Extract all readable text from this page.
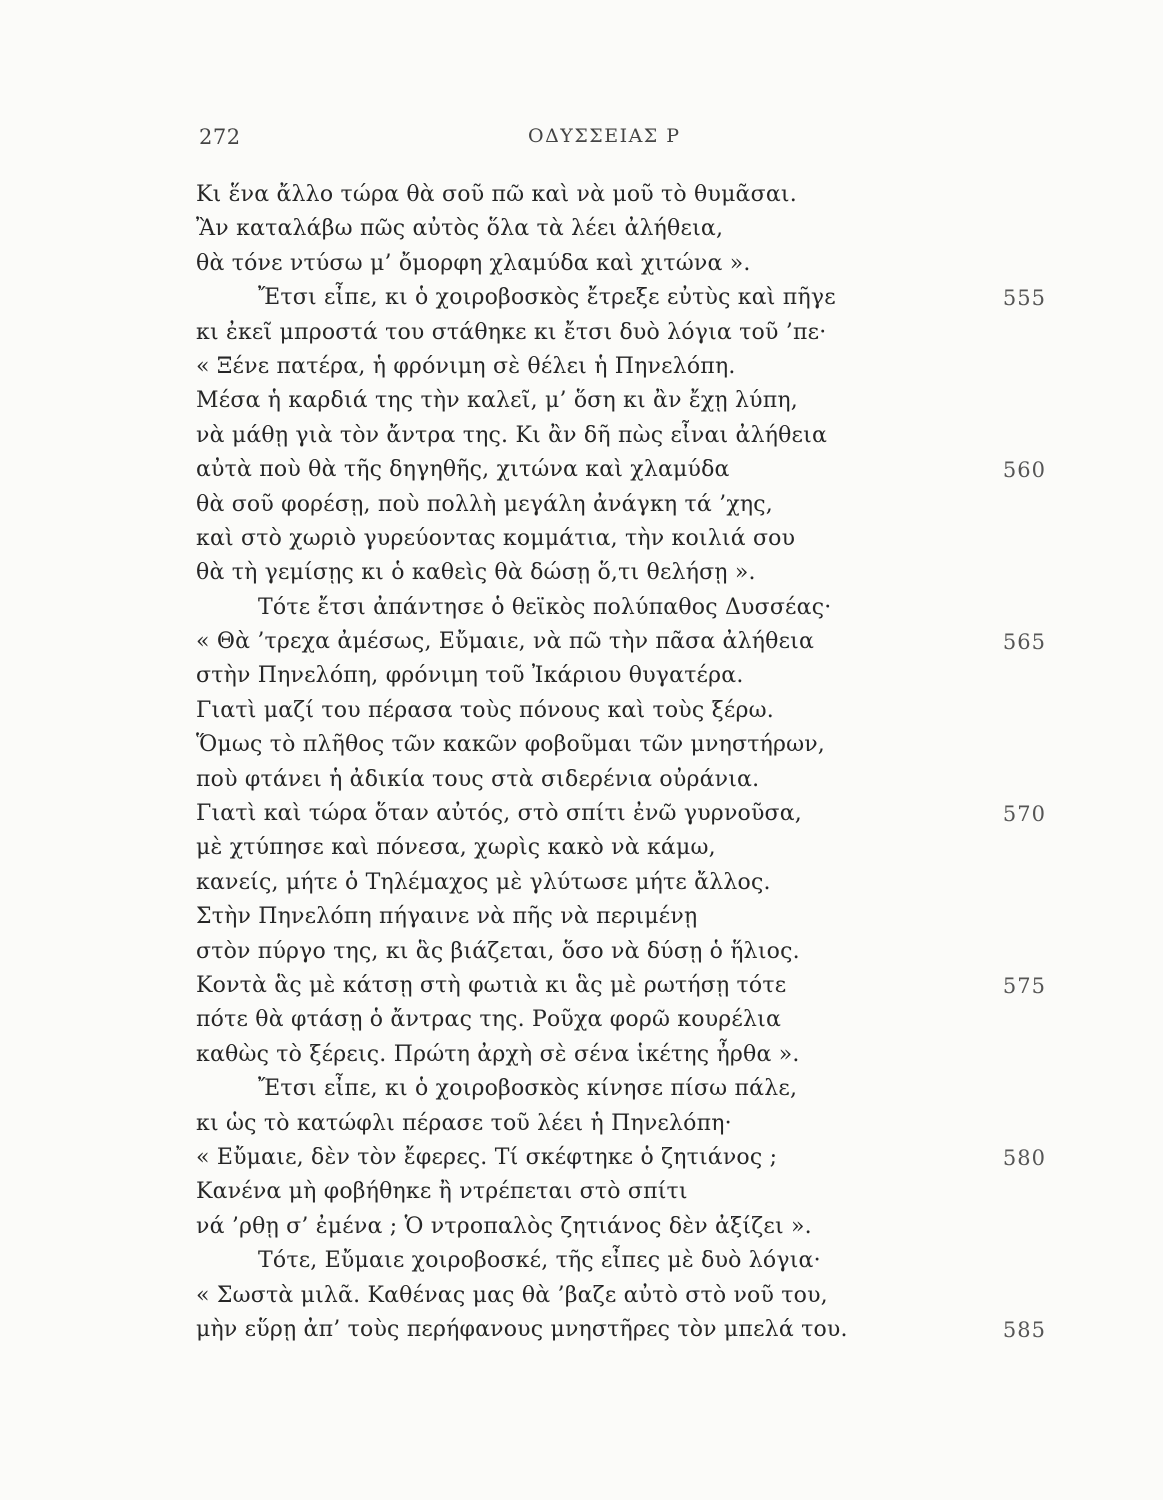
272	ΟΔΥΣΣΕΙΑΣ Ρ
Κι ἕνα ἄλλο τώρα θὰ σοῦ πῶ καὶ νὰ μοῦ τὸ θυμᾶσαι.
Ἂν καταλάβω πῶς αὐτὸς ὅλα τὰ λέει ἀλήθεια,
θὰ τόνε ντύσω μ’ ὄμορφη χλαμύδα καὶ χιτώνα ».
Ἔτσι εἶπε, κι ὁ χοιροβοσκὸς ἔτρεξε εὐτὺς καὶ πῆγε	555
κι ἐκεῖ μπροστά του στάθηκε κι ἔτσι δυὸ λόγια τοῦ ’πε·
« Ξένε πατέρα, ἡ φρόνιμη σὲ θέλει ἡ Πηνελόπη.
Μέσα ἡ καρδιά της τὴν καλεῖ, μ’ ὅση κι ἂν ἔχῃ λύπη,
νὰ μάθῃ γιὰ τὸν ἄντρα της. Κι ἂν δῆ πὼς εἶναι ἀλήθεια
αὐτὰ ποὺ θὰ τῆς δηγηθῆς, χιτώνα καὶ χλαμύδα	560
θὰ σοῦ φορέσῃ, ποὺ πολλὴ μεγάλη ἀνάγκη τά ’χης,
καὶ στὸ χωριὸ γυρεύοντας κομμάτια, τὴν κοιλιά σου
θὰ τὴ γεμίσῃς κι ὁ καθεὶς θὰ δώσῃ ὅ,τι θελήσῃ ».
Τότε ἔτσι ἀπάντησε ὁ θεϊκὸς πολύπαθος Δυσσέας·
« Θὰ ’τρεχα ἀμέσως, Εὔμαιε, νὰ πῶ τὴν πᾶσα ἀλήθεια	565
στὴν Πηνελόπη, φρόνιμη τοῦ Ἰκάριου θυγατέρα.
Γιατὶ μαζί του πέρασα τοὺς πόνους καὶ τοὺς ξέρω.
Ὅμως τὸ πλῆθος τῶν κακῶν φοβοῦμαι τῶν μνηστήρων,
ποὺ φτάνει ἡ ἀδικία τους στὰ σιδερένια οὐράνια.
Γιατὶ καὶ τώρα ὅταν αὐτός, στὸ σπίτι ἐνῶ γυρνοῦσα,	570
μὲ χτύπησε καὶ πόνεσα, χωρὶς κακὸ νὰ κάμω,
κανείς, μήτε ὁ Τηλέμαχος μὲ γλύτωσε μήτε ἄλλος.
Στὴν Πηνελόπη πήγαινε νὰ πῆς νὰ περιμένῃ
στὸν πύργο της, κι ἃς βιάζεται, ὅσο νὰ δύσῃ ὁ ἥλιος.
Κοντὰ ἃς μὲ κάτσῃ στὴ φωτιὰ κι ἃς μὲ ρωτήσῃ τότε	575
πότε θὰ φτάσῃ ὁ ἄντρας της. Ροῦχα φορῶ κουρέλια
καθὼς τὸ ξέρεις. Πρώτη ἀρχὴ σὲ σένα ἱκέτης ἦρθα ».
Ἔτσι εἶπε, κι ὁ χοιροβοσκὸς κίνησε πίσω πάλε,
κι ὡς τὸ κατώφλι πέρασε τοῦ λέει ἡ Πηνελόπη·
« Εὔμαιε, δὲν τὸν ἔφερες. Τί σκέφτηκε ὁ ζητιάνος ;	580
Κανένα μὴ φοβήθηκε ἢ ντρέπεται στὸ σπίτι
νά ’ρθῃ σ’ ἐμένα ; Ὁ ντροπαλὸς ζητιάνος δὲν ἀξίζει ».
Τότε, Εὔμαιε χοιροβοσκέ, τῆς εἶπες μὲ δυὸ λόγια·
« Σωστὰ μιλᾶ. Καθένας μας θὰ ’βαζε αὐτὸ στὸ νοῦ του,
μὴν εὕρῃ ἀπ’ τοὺς περήφανους μνηστῆρες τὸν μπελά του.	585
